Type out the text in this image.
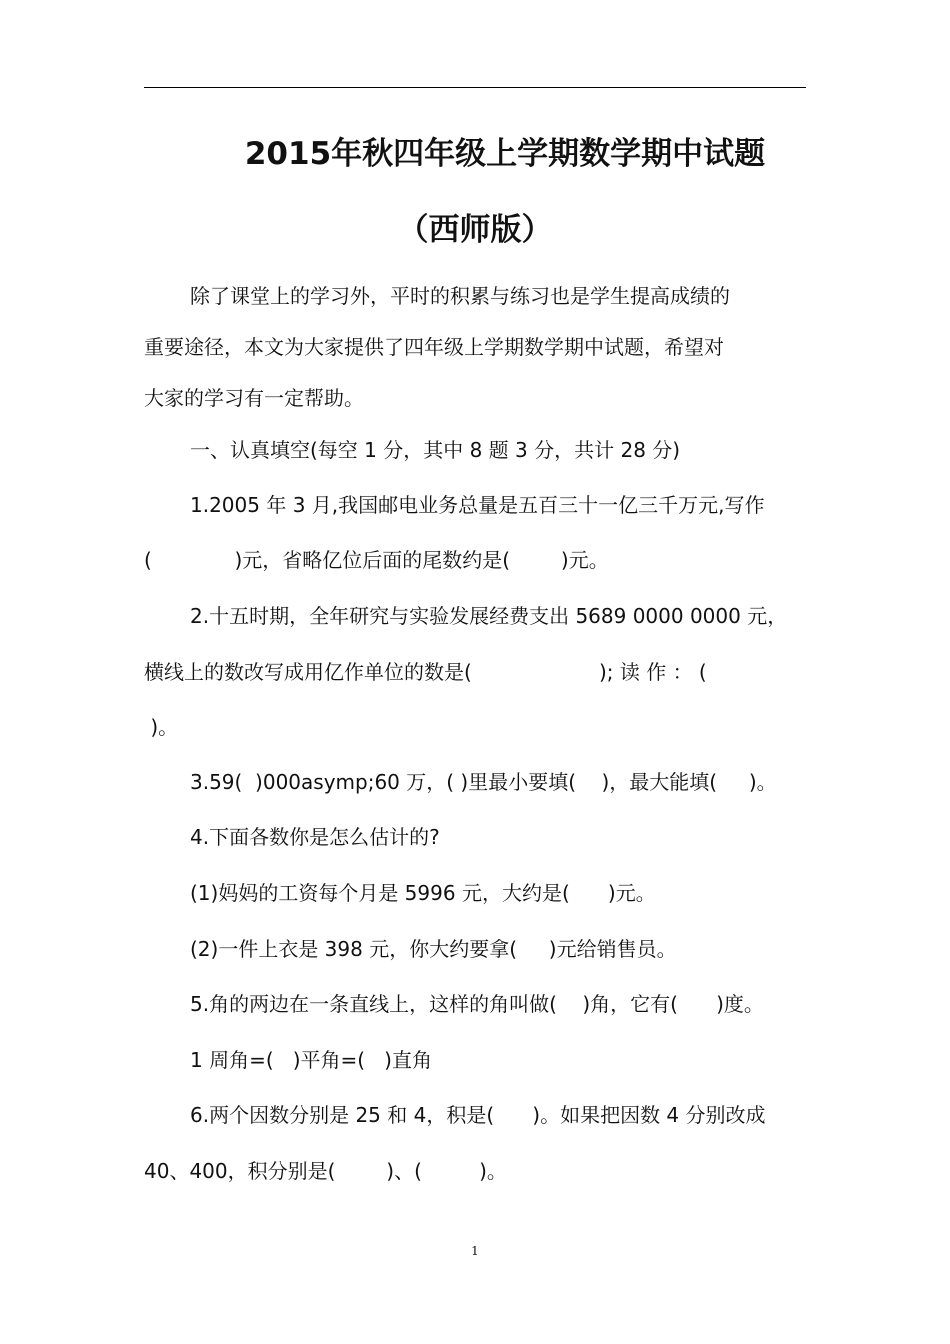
2015年秋四年级上学期数学期中试题
（西师版）
除了课堂上的学习外，平时的积累与练习也是学生提高成绩的
重要途径，本文为大家提供了四年级上学期数学期中试题，希望对
大家的学习有一定帮助。
一、认真填空(每空 1 分，其中 8 题 3 分，共计 28 分)
1.2005 年 3 月,我国邮电业务总量是五百三十一亿三千万元,写作
(             )元，省略亿位后面的尾数约是(        )元。
2.十五时期，全年研究与实验发展经费支出 5689 0000 0000 元，
横线上的数改写成用亿作单位的数是(                    ); 读 作 ： (
)。
3.59(  )000asymp;60 万，( )里最小要填(    )，最大能填(     )。
4.下面各数你是怎么估计的?
(1)妈妈的工资每个月是 5996 元，大约是(      )元。
(2)一件上衣是 398 元，你大约要拿(     )元给销售员。
5.角的两边在一条直线上，这样的角叫做(    )角，它有(      )度。
1 周角=(   )平角=(   )直角
6.两个因数分别是 25 和 4，积是(      )。如果把因数 4 分别改成
40、400，积分别是(        )、(         )。
1
